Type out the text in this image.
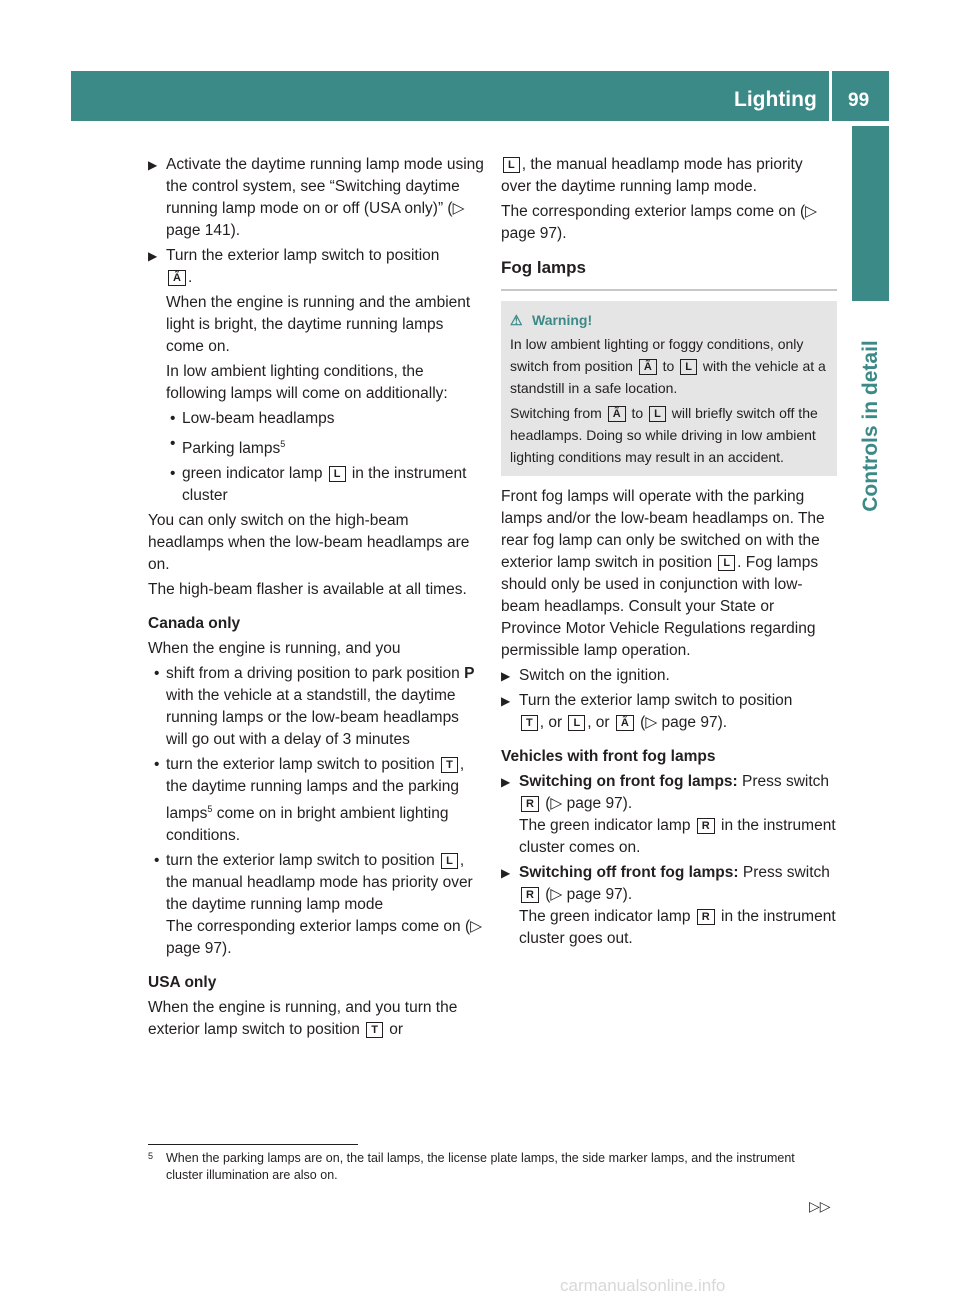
Lighting 99
Controls in detail
▶ Activate the daytime running lamp mode using the control system, see “Switching daytime running lamp mode on or off (USA only)” (▷ page 141).
▶ Turn the exterior lamp switch to position
Ã .
When the engine is running and the ambient light is bright, the daytime running lamps come on.
In low ambient lighting conditions, the following lamps will come on additionally:
• Low-beam headlamps
• Parking lamps$^5$
• green indicator lamp L in the instrument cluster

You can only switch on the high-beam headlamps when the low-beam headlamps are on.

The high-beam flasher is available at all times.

Canada only

When the engine is running, and you

• shift from a driving position to park position P with the vehicle at a standstill, the daytime running lamps or the low-beam headlamps will go out with a delay of 3 minutes
• turn the exterior lamp switch to position T , the daytime running lamps and the parking lamps$^5$ come on in bright ambient lighting conditions.
• turn the exterior lamp switch to position L , the manual headlamp mode has priority over the daytime running lamp mode
The corresponding exterior lamps come on (▷ page 97).
USA only

When the engine is running, and you turn the exterior lamp switch to position T or

L , the manual headlamp mode has priority over the daytime running lamp mode.

The corresponding exterior lamps come on (▷ page 97).

Fog lamps
⚠ Warning!
In low ambient lighting or foggy conditions, only switch from position Ã to L with the vehicle at a standstill in a safe location.
Switching from Ã to L will briefly switch off the headlamps. Doing so while driving in low ambient lighting conditions may result in an accident.

Front fog lamps will operate with the parking lamps and/or the low-beam headlamps on. The rear fog lamp can only be switched on with the exterior lamp switch in position L . Fog lamps should only be used in conjunction with low-beam headlamps. Consult your State or Province Motor Vehicle Regulations regarding permissible lamp operation.

▶ Switch on the ignition.
▶ Turn the exterior lamp switch to position
T , or L , or Ã (▷ page 97).
Vehicles with front fog lamps
▶ Switching on front fog lamps: Press switch R (▷ page 97).
The green indicator lamp R in the instrument cluster comes on.
▶ Switching off front fog lamps: Press switch R (▷ page 97).
The green indicator lamp R in the instrument cluster goes out.
5	When the parking lamps are on, the tail lamps, the license plate lamps, the side marker lamps, and the instrument cluster illumination are also on.
▷▷
carmanualsonline.info
